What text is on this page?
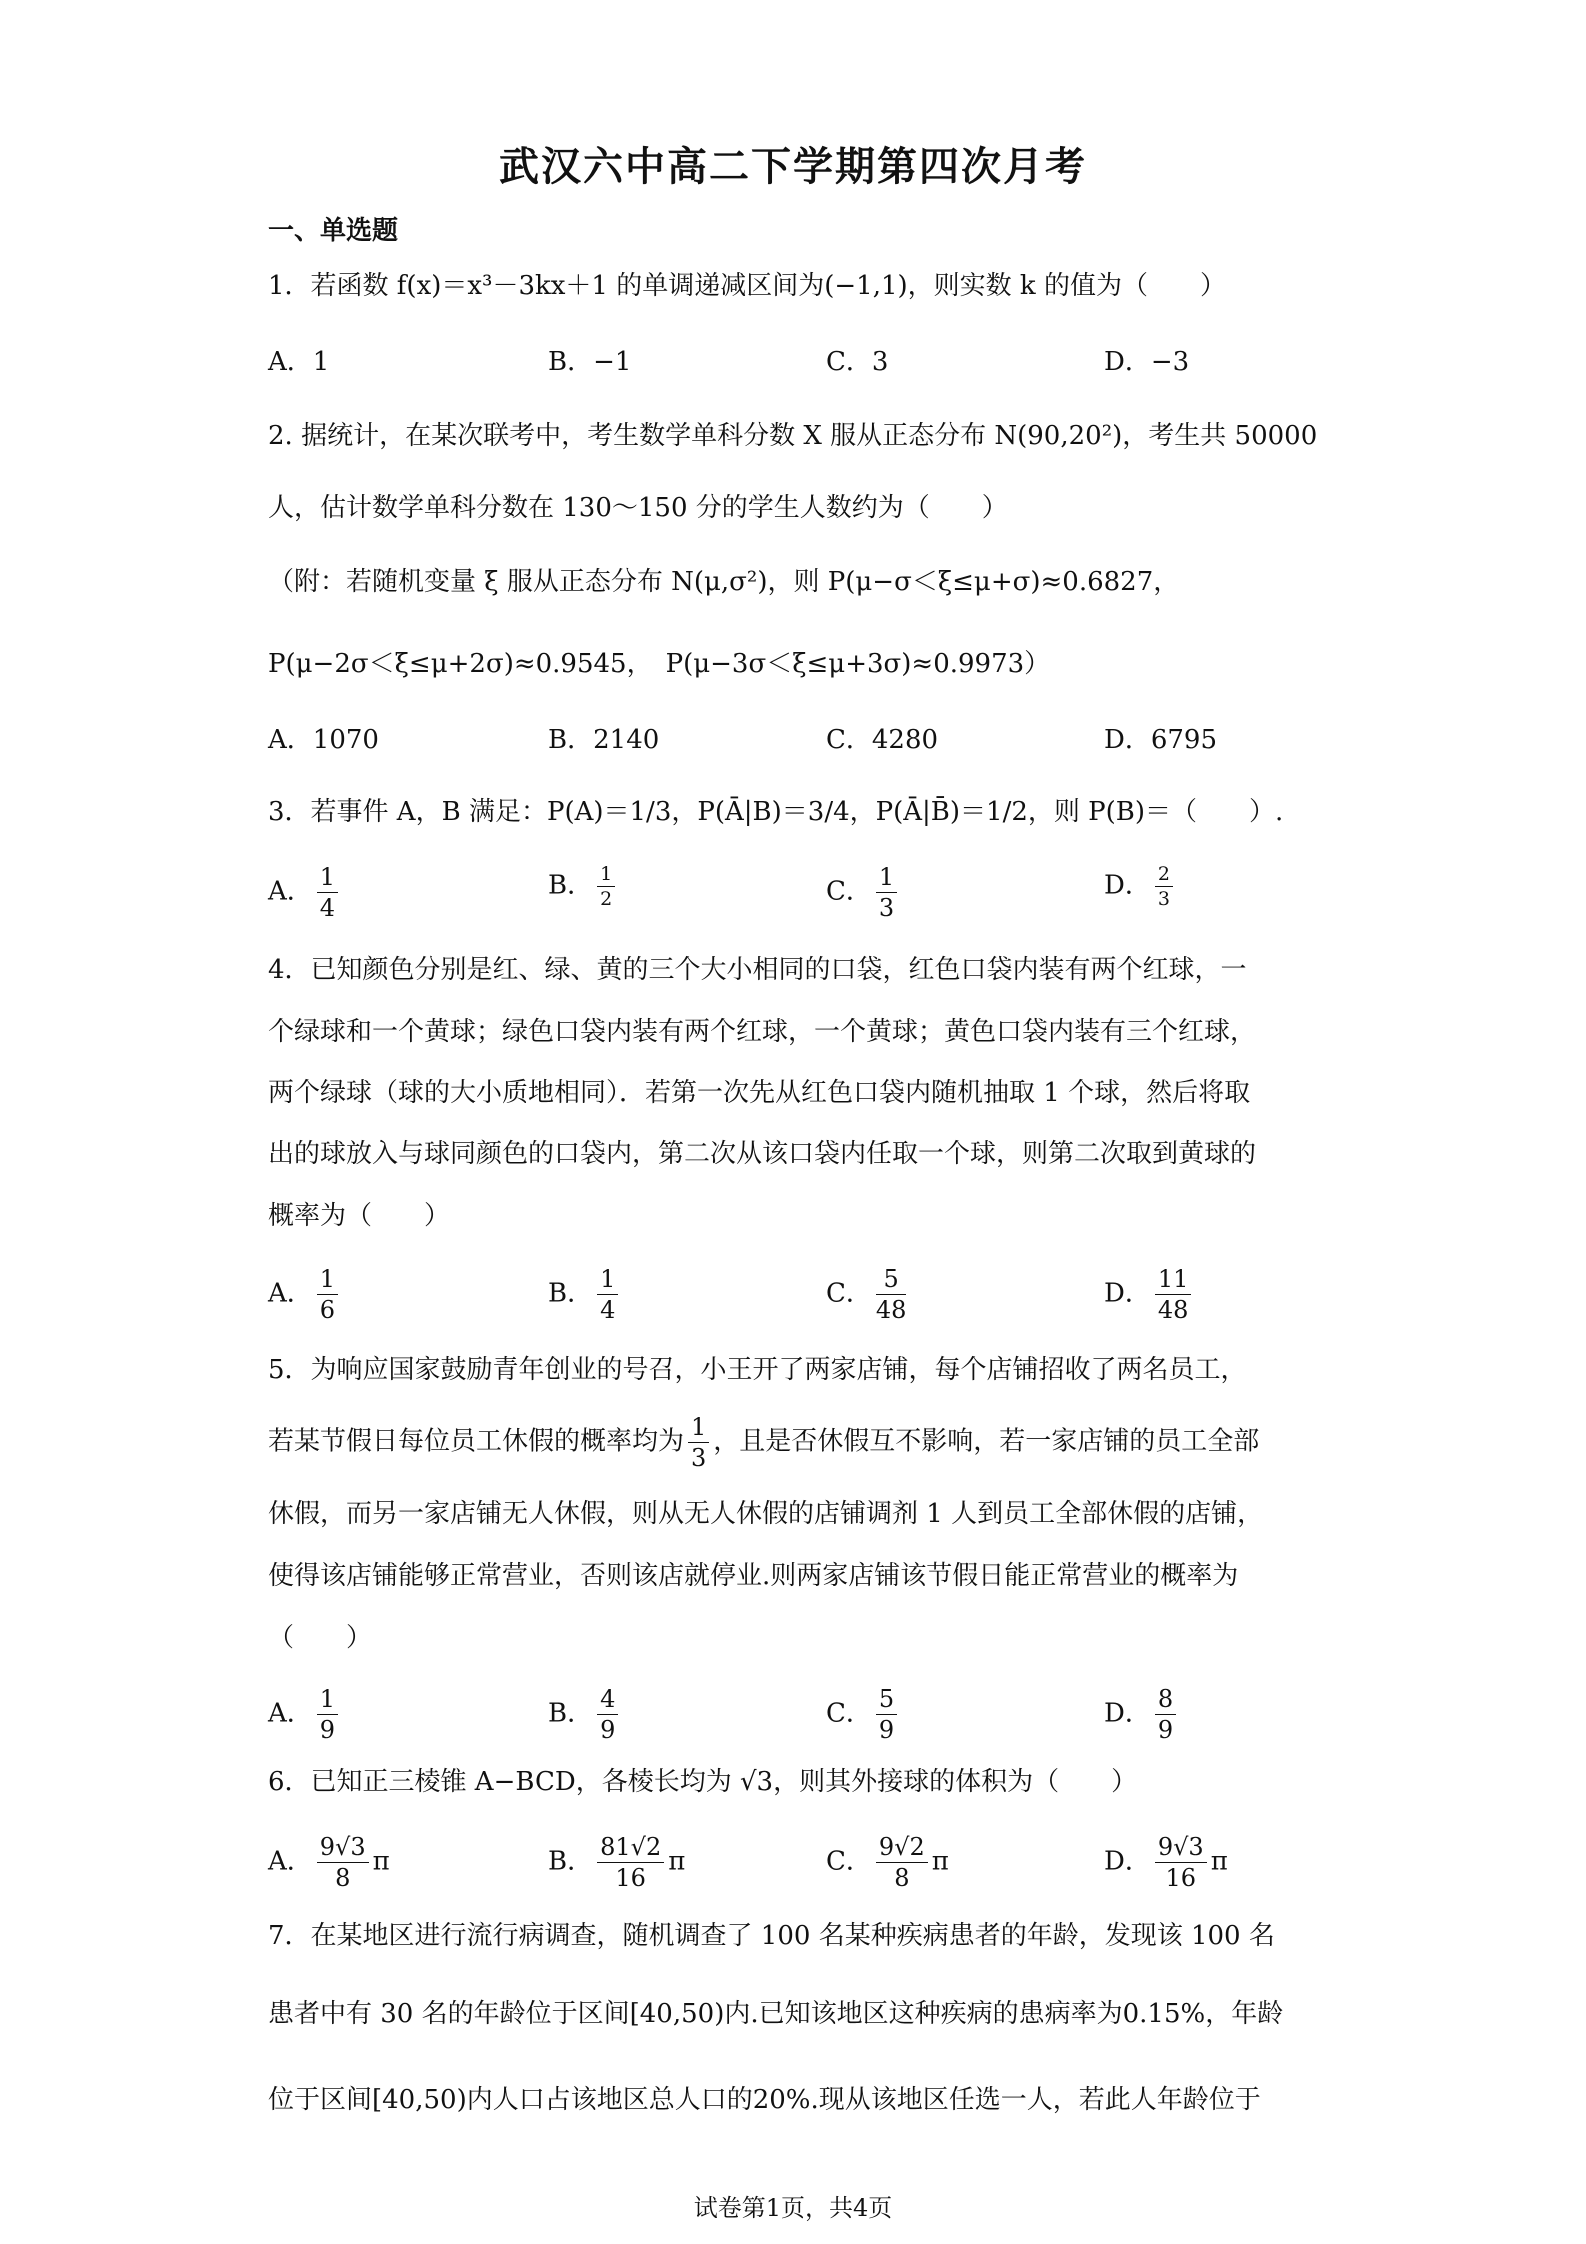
武汉六中高二下学期第四次月考
一、单选题
1．若函数 f(x)＝x³－3kx＋1 的单调递减区间为(−1,1)，则实数 k 的值为（　　）
A．1	B．−1	C．3	D．−3
2. 据统计，在某次联考中，考生数学单科分数 X 服从正态分布 N(90,20²)，考生共 50000
人，估计数学单科分数在 130～150 分的学生人数约为（　　）
（附：若随机变量 ξ 服从正态分布 N(μ,σ²)，则 P(μ−σ＜ξ≤μ+σ)≈0.6827，
P(μ−2σ＜ξ≤μ+2σ)≈0.9545，　P(μ−3σ＜ξ≤μ+3σ)≈0.9973）
A．1070	B．2140	C．4280	D．6795
3．若事件 A，B 满足：P(A)＝1/3，P(Ā|B)＝3/4，P(Ā|B̄)＝1/2，则 P(B)＝（　　）.
A． $\frac{1}{4}$	B． $\frac{1}{2}$	C． $\frac{1}{3}$	D． $\frac{2}{3}$
4．已知颜色分别是红、绿、黄的三个大小相同的口袋，红色口袋内装有两个红球，一
个绿球和一个黄球；绿色口袋内装有两个红球，一个黄球；黄色口袋内装有三个红球，
两个绿球（球的大小质地相同）．若第一次先从红色口袋内随机抽取 1 个球，然后将取
出的球放入与球同颜色的口袋内，第二次从该口袋内任取一个球，则第二次取到黄球的
概率为（　　）
A． $\frac{1}{6}$	B． $\frac{1}{4}$	C． $\frac{5}{48}$	D． $\frac{11}{48}$
5．为响应国家鼓励青年创业的号召，小王开了两家店铺，每个店铺招收了两名员工，
若某节假日每位员工休假的概率均为 $\frac{1}{3}$ ，且是否休假互不影响，若一家店铺的员工全部
休假，而另一家店铺无人休假，则从无人休假的店铺调剂 1 人到员工全部休假的店铺，
使得该店铺能够正常营业，否则该店就停业.则两家店铺该节假日能正常营业的概率为
（　　）
A． $\frac{1}{9}$	B． $\frac{4}{9}$	C． $\frac{5}{9}$	D． $\frac{8}{9}$
6．已知正三棱锥 A−BCD，各棱长均为 √3，则其外接球的体积为（　　）
A． $\frac{9√3}{8}$ π	B． $\frac{81√2}{16}$ π	C． $\frac{9√2}{8}$ π	D． $\frac{9√3}{16}$ π
7．在某地区进行流行病调查，随机调查了 100 名某种疾病患者的年龄，发现该 100 名
患者中有 30 名的年龄位于区间[40,50)内.已知该地区这种疾病的患病率为0.15%，年龄
位于区间[40,50)内人口占该地区总人口的20%.现从该地区任选一人，若此人年龄位于
试卷第1页，共4页
